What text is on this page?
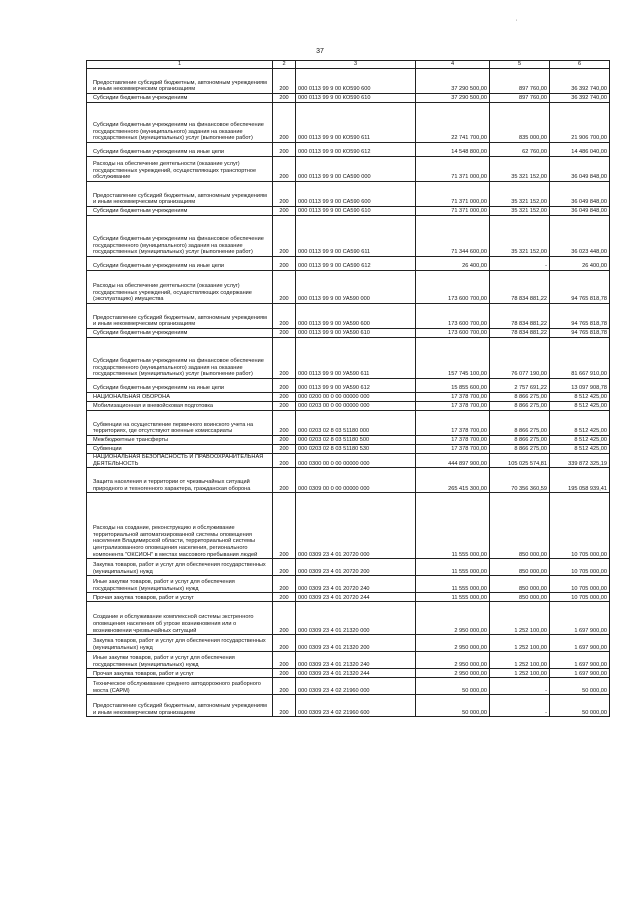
'
37
1	2	3	4	5	6
Предоставление субсидий бюджетным, автономным учреждениям и иным некоммерческим организациям	200	000 0113 99 9 00 КО590 600	37 290 500,00	897 760,00	36 392 740,00
Субсидии бюджетным учреждениям	200	000 0113 99 9 00 КО590 610	37 290 500,00	897 760,00	36 392 740,00
Субсидии бюджетным учреждениям на финансовое обеспечение государственного (муниципального) задания на оказание государственных (муниципальных) услуг (выполнение работ)	200	000 0113 99 9 00 КО590 611	22 741 700,00	835 000,00	21 906 700,00
Субсидии бюджетным учреждениям на иные цели	200	000 0113 99 9 00 КО590 612	14 548 800,00	62 760,00	14 486 040,00
Расходы на обеспечение деятельности (оказание услуг) государственных учреждений, осуществляющих транспортное обслуживание	200	000 0113 99 9 00 СА590 000	71 371 000,00	35 321 152,00	36 049 848,00
Предоставление субсидий бюджетным, автономным учреждениям и иным некоммерческим организациям	200	000 0113 99 9 00 СА590 600	71 371 000,00	35 321 152,00	36 049 848,00
Субсидии бюджетным учреждениям	200	000 0113 99 9 00 СА590 610	71 371 000,00	35 321 152,00	36 049 848,00
Субсидии бюджетным учреждениям на финансовое обеспечение государственного (муниципального) задания на оказание государственных (муниципальных) услуг (выполнение работ)	200	000 0113 99 9 00 СА590 611	71 344 600,00	35 321 152,00	36 023 448,00
Субсидии бюджетным учреждениям на иные цели	200	000 0113 99 9 00 СА590 612	26 400,00	-	26 400,00
Расходы на обеспечение деятельности (оказание услуг) государственных учреждений, осуществляющих содержание (эксплуатацию) имущества	200	000 0113 99 9 00 УА590 000	173 600 700,00	78 834 881,22	94 765 818,78
Предоставление субсидий бюджетным, автономным учреждениям и иным некоммерческим организациям	200	000 0113 99 9 00 УА590 600	173 600 700,00	78 834 881,22	94 765 818,78
Субсидии бюджетным учреждениям	200	000 0113 99 9 00 УА590 610	173 600 700,00	78 834 881,22	94 765 818,78
Субсидии бюджетным учреждениям на финансовое обеспечение государственного (муниципального) задания на оказание государственных (муниципальных) услуг (выполнение работ)	200	000 0113 99 9 00 УА590 611	157 745 100,00	76 077 190,00	81 667 910,00
Субсидии бюджетным учреждениям на иные цели	200	000 0113 99 9 00 УА590 612	15 855 600,00	2 757 691,22	13 097 908,78
НАЦИОНАЛЬНАЯ ОБОРОНА	200	000 0200 00 0 00 00000 000	17 378 700,00	8 866 275,00	8 512 425,00
Мобилизационная и вневойсковая подготовка	200	000 0203 00 0 00 00000 000	17 378 700,00	8 866 275,00	8 512 425,00
Субвенции на осуществление первичного воинского учета на территориях, где отсутствуют военные комиссариаты	200	000 0203 02 8 03 51180 000	17 378 700,00	8 866 275,00	8 512 425,00
Межбюджетные трансферты	200	000 0203 02 8 03 51180 500	17 378 700,00	8 866 275,00	8 512 425,00
Субвенции	200	000 0203 02 8 03 51180 530	17 378 700,00	8 866 275,00	8 512 425,00
НАЦИОНАЛЬНАЯ БЕЗОПАСНОСТЬ И ПРАВООХРАНИТЕЛЬНАЯ ДЕЯТЕЛЬНОСТЬ	200	000 0300 00 0 00 00000 000	444 897 900,00	105 025 574,81	339 872 325,19
Защита населения и территории от чрезвычайных ситуаций природного и техногенного характера, гражданская оборона	200	000 0309 00 0 00 00000 000	265 415 300,00	70 356 360,59	195 058 939,41
Расходы на создание, реконструкцию и обслуживание территориальной автоматизированной системы оповещения населения Владимирской области, территориальной системы централизованного оповещения населения, регионального компонента "ОКСИОН" в местах массового пребывания людей	200	000 0309 23 4 01 20720 000	11 555 000,00	850 000,00	10 705 000,00
Закупка товаров, работ и услуг для обеспечения государственных (муниципальных) нужд	200	000 0309 23 4 01 20720 200	11 555 000,00	850 000,00	10 705 000,00
Иные закупки товаров, работ и услуг для обеспечения государственных (муниципальных) нужд	200	000 0309 23 4 01 20720 240	11 555 000,00	850 000,00	10 705 000,00
Прочая закупка товаров, работ и услуг	200	000 0309 23 4 01 20720 244	11 555 000,00	850 000,00	10 705 000,00
Создание и обслуживание комплексной системы экстренного оповещения населения об угрозе возникновения или о возникновении чрезвычайных ситуаций	200	000 0309 23 4 01 21320 000	2 950 000,00	1 252 100,00	1 697 900,00
Закупка товаров, работ и услуг для обеспечения государственных (муниципальных) нужд	200	000 0309 23 4 01 21320 200	2 950 000,00	1 252 100,00	1 697 900,00
Иные закупки товаров, работ и услуг для обеспечения государственных (муниципальных) нужд	200	000 0309 23 4 01 21320 240	2 950 000,00	1 252 100,00	1 697 900,00
Прочая закупка товаров, работ и услуг	200	000 0309 23 4 01 21320 244	2 950 000,00	1 252 100,00	1 697 900,00
Техническое обслуживание среднего автодорожного разборного моста (САРМ)	200	000 0309 23 4 02 21960 000	50 000,00	-	50 000,00
Предоставление субсидий бюджетным, автономным учреждениям и иным некоммерческим организациям	200	000 0309 23 4 02 21960 600	50 000,00	-	50 000,00
